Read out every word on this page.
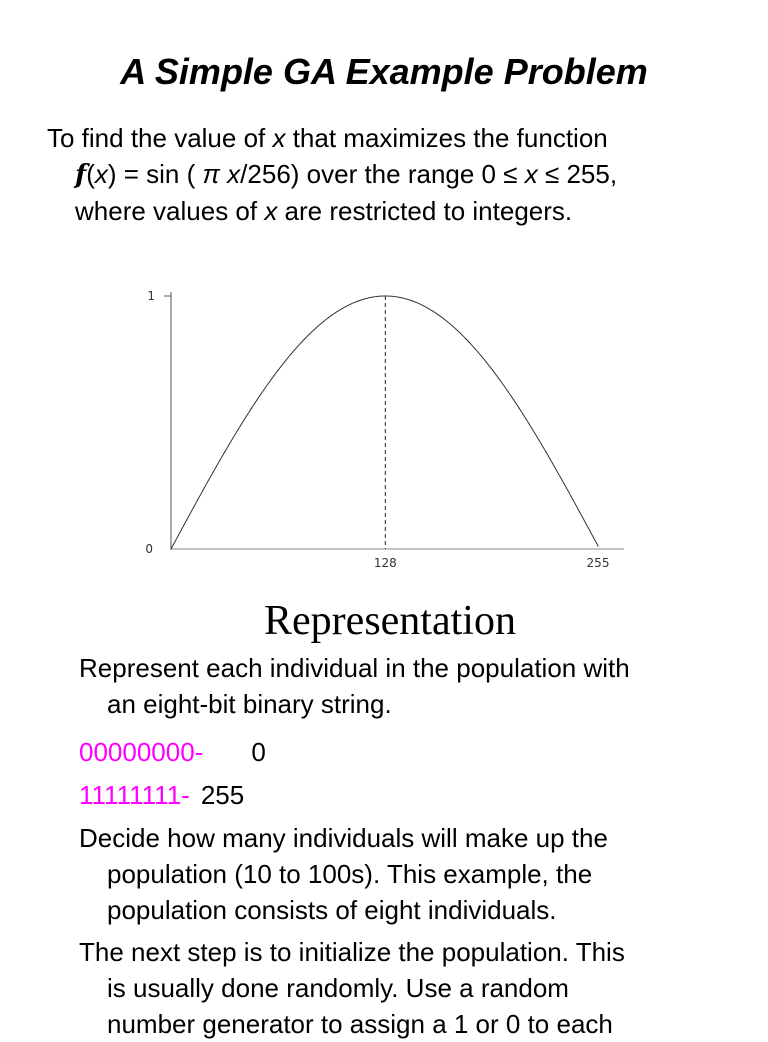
A Simple GA Example Problem
To find the value of x that maximizes the function
f(x) = sin ( π x/256) over the range 0 ≤ x ≤ 255,
where values of x are restricted to integers.
1
0
128	255
Representation
Represent each individual in the population with
an eight-bit binary string.
00000000- 0
11111111- 255
Decide how many individuals will make up the
population (10 to 100s). This example, the
population consists of eight individuals.
The next step is to initialize the population. This
is usually done randomly. Use a random
number generator to assign a 1 or 0 to each
